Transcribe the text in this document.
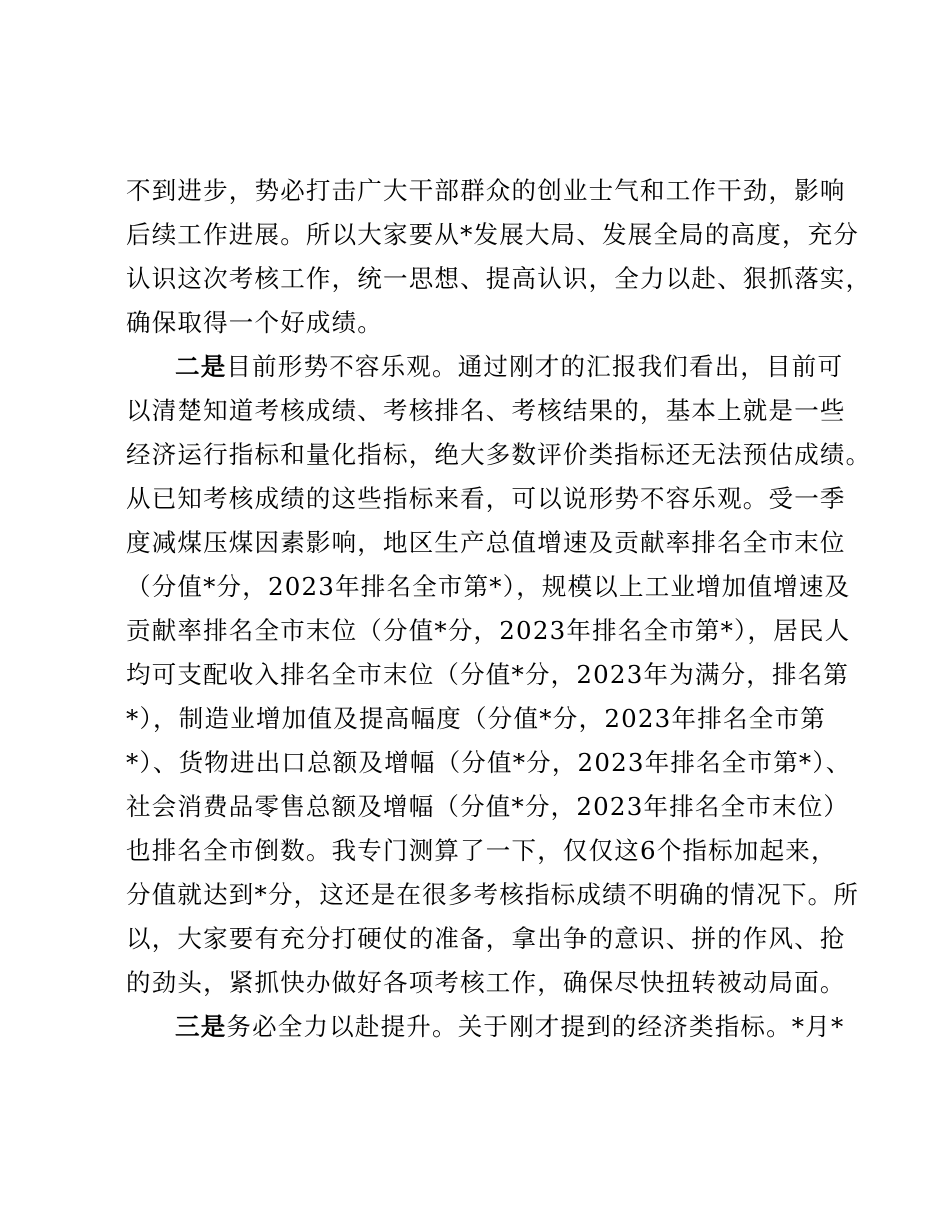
不到进步，势必打击广大干部群众的创业士气和工作干劲，影响
后续工作进展。所以大家要从*发展大局、发展全局的高度，充分
认识这次考核工作，统一思想、提高认识，全力以赴、狠抓落实，
确保取得一个好成绩。
二是目前形势不容乐观。通过刚才的汇报我们看出，目前可
以清楚知道考核成绩、考核排名、考核结果的，基本上就是一些
经济运行指标和量化指标，绝大多数评价类指标还无法预估成绩。
从已知考核成绩的这些指标来看，可以说形势不容乐观。受一季
度减煤压煤因素影响，地区生产总值增速及贡献率排名全市末位
（分值*分，2023年排名全市第*），规模以上工业增加值增速及
贡献率排名全市末位（分值*分，2023年排名全市第*），居民人
均可支配收入排名全市末位（分值*分，2023年为满分，排名第
*），制造业增加值及提高幅度（分值*分，2023年排名全市第
*）、货物进出口总额及增幅（分值*分，2023年排名全市第*）、
社会消费品零售总额及增幅（分值*分，2023年排名全市末位）
也排名全市倒数。我专门测算了一下，仅仅这6个指标加起来，
分值就达到*分，这还是在很多考核指标成绩不明确的情况下。所
以，大家要有充分打硬仗的准备，拿出争的意识、拼的作风、抢
的劲头，紧抓快办做好各项考核工作，确保尽快扭转被动局面。
三是务必全力以赴提升。关于刚才提到的经济类指标。*月*
